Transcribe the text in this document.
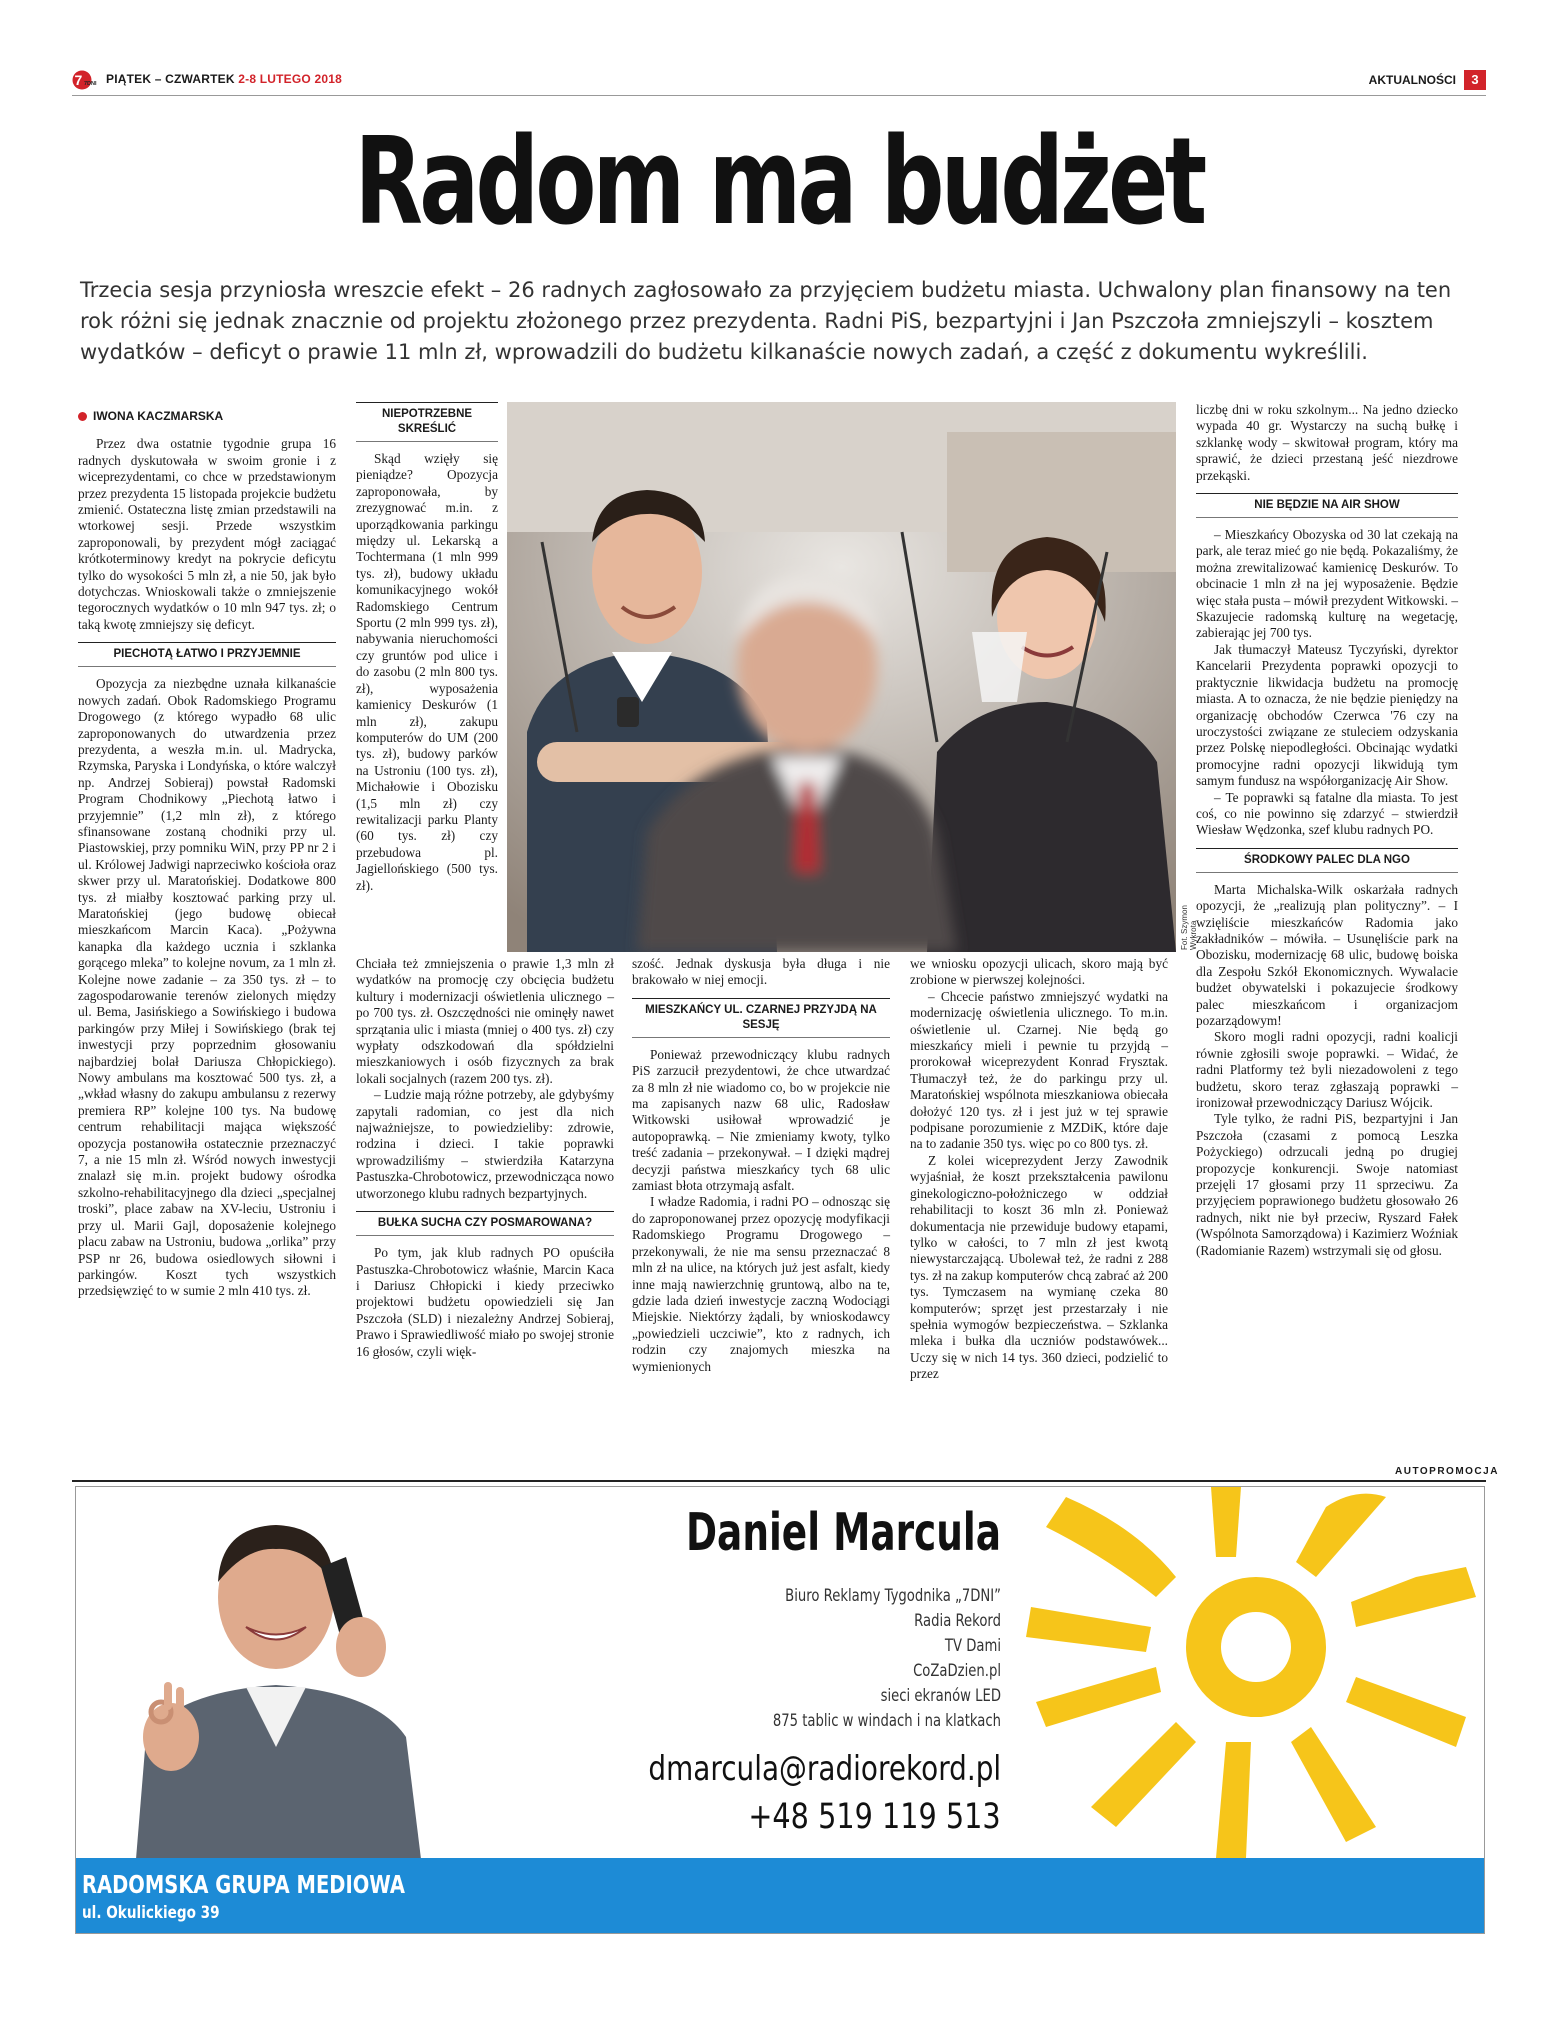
7 7DNI PIĄTEK – CZWARTEK 2-8 LUTEGO 2018	AKTUALNOŚCI	3
Radom ma budżet
Trzecia sesja przyniosła wreszcie efekt – 26 radnych zagłosowało za przyjęciem budżetu miasta. Uchwalony plan finansowy na ten rok różni się jednak znacznie od projektu złożonego przez prezydenta. Radni PiS, bezpartyjni i Jan Pszczoła zmniejszyli – kosztem wydatków – deficyt o prawie 11 mln zł, wprowadzili do budżetu kilkanaście nowych zadań, a część z dokumentu wykreślili.
IWONA KACZMARSKA

Przez dwa ostatnie tygodnie grupa 16 radnych dyskutowała w swoim gronie i z wiceprezydentami, co chce w przedstawionym przez prezydenta 15 listopada projekcie budżetu zmienić. Ostateczna listę zmian przedstawili na wtorkowej sesji. Przede wszystkim zaproponowali, by prezydent mógł zaciągać krótkoterminowy kredyt na pokrycie deficytu tylko do wysokości 5 mln zł, a nie 50, jak było dotychczas. Wnioskowali także o zmniejszenie tegorocznych wydatków o 10 mln 947 tys. zł; o taką kwotę zmniejszy się deficyt.

PIECHOTĄ ŁATWO I PRZYJEMNIE

Opozycja za niezbędne uznała kilkanaście nowych zadań. Obok Radomskiego Programu Drogowego (z którego wypadło 68 ulic zaproponowanych do utwardzenia przez prezydenta, a weszła m.in. ul. Madrycka, Rzymska, Paryska i Londyńska, o które walczył np. Andrzej Sobieraj) powstał Radomski Program Chodnikowy „Piechotą łatwo i przyjemnie” (1,2 mln zł), z którego sfinansowane zostaną chodniki przy ul. Piastowskiej, przy pomniku WiN, przy PP nr 2 i ul. Królowej Jadwigi naprzeciwko kościoła oraz skwer przy ul. Maratońskiej. Dodatkowe 800 tys. zł miałby kosztować parking przy ul. Maratońskiej (jego budowę obiecał mieszkańcom Marcin Kaca). „Pożywna kanapka dla każdego ucznia i szklanka gorącego mleka” to kolejne novum, za 1 mln zł. Kolejne nowe zadanie – za 350 tys. zł – to zagospodarowanie terenów zielonych między ul. Bema, Jasińskiego a Sowińskiego i budowa parkingów przy Miłej i Sowińskiego (brak tej inwestycji przy poprzednim głosowaniu najbardziej bolał Dariusza Chłopickiego). Nowy ambulans ma kosztować 500 tys. zł, a „wkład własny do zakupu ambulansu z rezerwy premiera RP” kolejne 100 tys. Na budowę centrum rehabilitacji mająca większość opozycja postanowiła ostatecznie przeznaczyć 7, a nie 15 mln zł. Wśród nowych inwestycji znalazł się m.in. projekt budowy ośrodka szkolno-rehabilitacyjnego dla dzieci „specjalnej troski”, place zabaw na XV-leciu, Ustroniu i przy ul. Marii Gajl, doposażenie kolejnego placu zabaw na Ustroniu, budowa „orlika” przy PSP nr 26, budowa osiedlowych siłowni i parkingów. Koszt tych wszystkich przedsięwzięć to w sumie 2 mln 410 tys. zł.

NIEPOTRZEBNE SKREŚLIĆ

Skąd wzięły się pieniądze? Opozycja zaproponowała, by zrezygnować m.in. z uporządkowania parkingu między ul. Lekarską a Tochtermana (1 mln 999 tys. zł), budowy układu komunikacyjnego wokół Radomskiego Centrum Sportu (2 mln 999 tys. zł), nabywania nieruchomości czy gruntów pod ulice i do zasobu (2 mln 800 tys. zł), wyposażenia kamienicy Deskurów (1 mln zł), zakupu komputerów do UM (200 tys. zł), budowy parków na Ustroniu (100 tys. zł), Michałowie i Obozisku (1,5 mln zł) czy rewitalizacji parku Planty (60 tys. zł) czy przebudowa pl. Jagiellońskiego (500 tys. zł).

Fot. Szymon Wykrota

Chciała też zmniejszenia o prawie 1,3 mln zł wydatków na promocję czy obcięcia budżetu kultury i modernizacji oświetlenia ulicznego – po 700 tys. zł. Oszczędności nie ominęły nawet sprzątania ulic i miasta (mniej o 400 tys. zł) czy wypłaty odszkodowań dla spółdzielni mieszkaniowych i osób fizycznych za brak lokali socjalnych (razem 200 tys. zł).

– Ludzie mają różne potrzeby, ale gdybyśmy zapytali radomian, co jest dla nich najważniejsze, to powiedzieliby: zdrowie, rodzina i dzieci. I takie poprawki wprowadziliśmy – stwierdziła Katarzyna Pastuszka-Chrobotowicz, przewodnicząca nowo utworzonego klubu radnych bezpartyjnych.

BUŁKA SUCHA CZY POSMAROWANA?

Po tym, jak klub radnych PO opuściła Pastuszka-Chrobotowicz właśnie, Marcin Kaca i Dariusz Chłopicki i kiedy przeciwko projektowi budżetu opowiedzieli się Jan Pszczoła (SLD) i niezależny Andrzej Sobieraj, Prawo i Sprawiedliwość miało po swojej stronie 16 głosów, czyli więk-

szość. Jednak dyskusja była długa i nie brakowało w niej emocji.

MIESZKAŃCY UL. CZARNEJ PRZYJDĄ NA SESJĘ

Ponieważ przewodniczący klubu radnych PiS zarzucił prezydentowi, że chce utwardzać za 8 mln zł nie wiadomo co, bo w projekcie nie ma zapisanych nazw 68 ulic, Radosław Witkowski usiłował wprowadzić je autopoprawką. – Nie zmieniamy kwoty, tylko treść zadania – przekonywał. – I dzięki mądrej decyzji państwa mieszkańcy tych 68 ulic zamiast błota otrzymają asfalt.

I władze Radomia, i radni PO – odnosząc się do zaproponowanej przez opozycję modyfikacji Radomskiego Programu Drogowego – przekonywali, że nie ma sensu przeznaczać 8 mln zł na ulice, na których już jest asfalt, kiedy inne mają nawierzchnię gruntową, albo na te, gdzie lada dzień inwestycje zaczną Wodociągi Miejskie. Niektórzy żądali, by wnioskodawcy „powiedzieli uczciwie”, kto z radnych, ich rodzin czy znajomych mieszka na wymienionych

we wniosku opozycji ulicach, skoro mają być zrobione w pierwszej kolejności.

– Chcecie państwo zmniejszyć wydatki na modernizację oświetlenia ulicznego. To m.in. oświetlenie ul. Czarnej. Nie będą go mieszkańcy mieli i pewnie tu przyjdą – prorokował wiceprezydent Konrad Frysztak. Tłumaczył też, że do parkingu przy ul. Maratońskiej wspólnota mieszkaniowa obiecała dołożyć 120 tys. zł i jest już w tej sprawie podpisane porozumienie z MZDiK, które daje na to zadanie 350 tys. więc po co 800 tys. zł.

Z kolei wiceprezydent Jerzy Zawodnik wyjaśniał, że koszt przekształcenia pawilonu ginekologiczno-położniczego w oddział rehabilitacji to koszt 36 mln zł. Ponieważ dokumentacja nie przewiduje budowy etapami, tylko w całości, to 7 mln zł jest kwotą niewystarczającą. Ubolewał też, że radni z 288 tys. zł na zakup komputerów chcą zabrać aż 200 tys. Tymczasem na wymianę czeka 80 komputerów; sprzęt jest przestarzały i nie spełnia wymogów bezpieczeństwa. – Szklanka mleka i bułka dla uczniów podstawówek... Uczy się w nich 14 tys. 360 dzieci, podzielić to przez

liczbę dni w roku szkolnym... Na jedno dziecko wypada 40 gr. Wystarczy na suchą bułkę i szklankę wody – skwitował program, który ma sprawić, że dzieci przestaną jeść niezdrowe przekąski.

NIE BĘDZIE NA AIR SHOW

– Mieszkańcy Obozyska od 30 lat czekają na park, ale teraz mieć go nie będą. Pokazaliśmy, że można zrewitalizować kamienicę Deskurów. To obcinacie 1 mln zł na jej wyposażenie. Będzie więc stała pusta – mówił prezydent Witkowski. – Skazujecie radomską kulturę na wegetację, zabierając jej 700 tys.

Jak tłumaczył Mateusz Tyczyński, dyrektor Kancelarii Prezydenta poprawki opozycji to praktycznie likwidacja budżetu na promocję miasta. A to oznacza, że nie będzie pieniędzy na organizację obchodów Czerwca '76 czy na uroczystości związane ze stuleciem odzyskania przez Polskę niepodległości. Obcinając wydatki promocyjne radni opozycji likwidują tym samym fundusz na współorganizację Air Show.

– Te poprawki są fatalne dla miasta. To jest coś, co nie powinno się zdarzyć – stwierdził Wiesław Wędzonka, szef klubu radnych PO.

ŚRODKOWY PALEC DLA NGO

Marta Michalska-Wilk oskarżała radnych opozycji, że „realizują plan polityczny”. – I wzięliście mieszkańców Radomia jako zakładników – mówiła. – Usunęliście park na Obozisku, modernizację 68 ulic, budowę boiska dla Zespołu Szkół Ekonomicznych. Wywalacie budżet obywatelski i pokazujecie środkowy palec mieszkańcom i organizacjom pozarządowym!

Skoro mogli radni opozycji, radni koalicji równie zgłosili swoje poprawki. – Widać, że radni Platformy też byli niezadowoleni z tego budżetu, skoro teraz zgłaszają poprawki – ironizował przewodniczący Dariusz Wójcik.

Tyle tylko, że radni PiS, bezpartyjni i Jan Pszczoła (czasami z pomocą Leszka Pożyckiego) odrzucali jedną po drugiej propozycje konkurencji. Swoje natomiast przejęli 17 głosami przy 11 sprzeciwu. Za przyjęciem poprawionego budżetu głosowało 26 radnych, nikt nie był przeciw, Ryszard Fałek (Wspólnota Samorządowa) i Kazimierz Woźniak (Radomianie Razem) wstrzymali się od głosu.

AUTOPROMOCJA
Daniel Marcula
Biuro Reklamy Tygodnika „7DNI”
Radia Rekord
TV Dami
CoZaDzien.pl
sieci ekranów LED
875 tablic w windach i na klatkach
dmarcula@radiorekord.pl
+48 519 119 513
RADOMSKA GRUPA MEDIOWA
ul. Okulickiego 39
